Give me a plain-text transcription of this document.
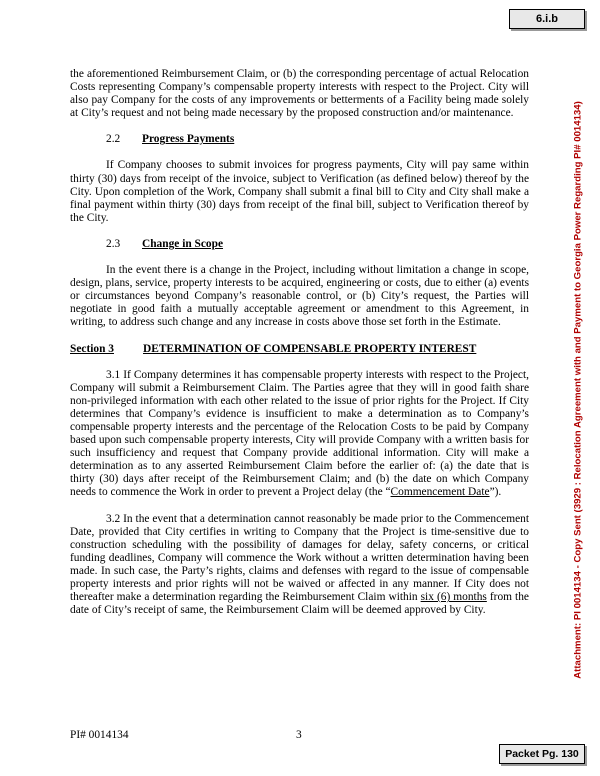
6.i.b
Attachment: PI 0014134 - Copy Sent (3929 : Relocation Agreement with and Payment to Georgia Power Regarding PI# 0014134)

the aforementioned Reimbursement Claim, or (b) the corresponding percentage of actual Relocation Costs representing Company’s compensable property interests with respect to the Project. City will also pay Company for the costs of any improvements or betterments of a Facility being made solely at City’s request and not being made necessary by the proposed construction and/or maintenance.

2.2 Progress Payments

If Company chooses to submit invoices for progress payments, City will pay same within thirty (30) days from receipt of the invoice, subject to Verification (as defined below) thereof by the City. Upon completion of the Work, Company shall submit a final bill to City and City shall make a final payment within thirty (30) days from receipt of the final bill, subject to Verification thereof by the City.

2.3 Change in Scope

In the event there is a change in the Project, including without limitation a change in scope, design, plans, service, property interests to be acquired, engineering or costs, due to either (a) events or circumstances beyond Company’s reasonable control, or (b) City’s request, the Parties will negotiate in good faith a mutually acceptable agreement or amendment to this Agreement, in writing, to address such change and any increase in costs above those set forth in the Estimate.

Section 3	DETERMINATION OF COMPENSABLE PROPERTY INTEREST

3.1 If Company determines it has compensable property interests with respect to the Project, Company will submit a Reimbursement Claim. The Parties agree that they will in good faith share non-privileged information with each other related to the issue of prior rights for the Project. If City determines that Company’s evidence is insufficient to make a determination as to Company’s compensable property interests and the percentage of the Relocation Costs to be paid by Company based upon such compensable property interests, City will provide Company with a written basis for such insufficiency and request that Company provide additional information. City will make a determination as to any asserted Reimbursement Claim before the earlier of: (a) the date that is thirty (30) days after receipt of the Reimbursement Claim; and (b) the date on which Company needs to commence the Work in order to prevent a Project delay (the “Commencement Date”).

3.2 In the event that a determination cannot reasonably be made prior to the Commencement Date, provided that City certifies in writing to Company that the Project is time-sensitive due to construction scheduling with the possibility of damages for delay, safety concerns, or critical funding deadlines, Company will commence the Work without a written determination having been made. In such case, the Party’s rights, claims and defenses with regard to the issue of compensable property interests and prior rights will not be waived or affected in any manner. If City does not thereafter make a determination regarding the Reimbursement Claim within six (6) months from the date of City’s receipt of same, the Reimbursement Claim will be deemed approved by City.

PI# 0014134	3
Packet Pg. 130
